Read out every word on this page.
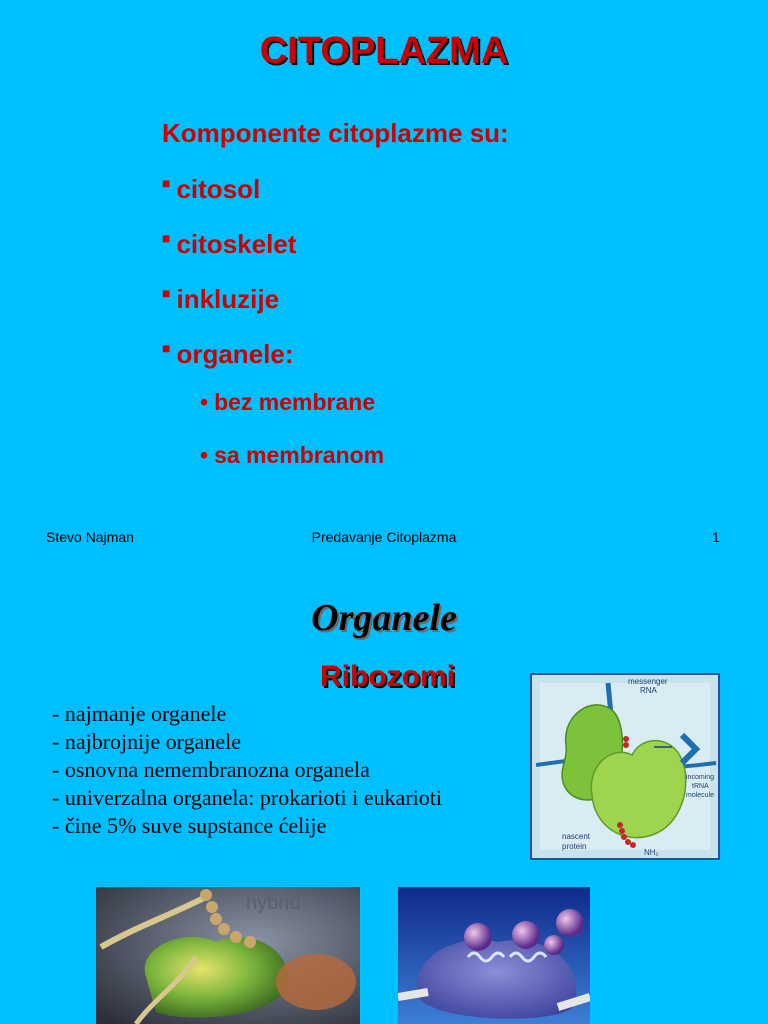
CITOPLAZMA
Komponente citoplazme su:
■ citosol
■ citoskelet
■ inkluzije
■ organele:
• bez membrane
• sa membranom
Stevo Najman	Predavanje Citoplazma	1
Organele
Ribozomi
- najmanje organele
- najbrojnije organele
- osnovna nemembranozna organela
- univerzalna organela: prokarioti i eukarioti
- čine 5% suve supstance ćelije
messenger
RNA
incoming
tRNA
molecule
nascent
protein
NH₂
hybrid
